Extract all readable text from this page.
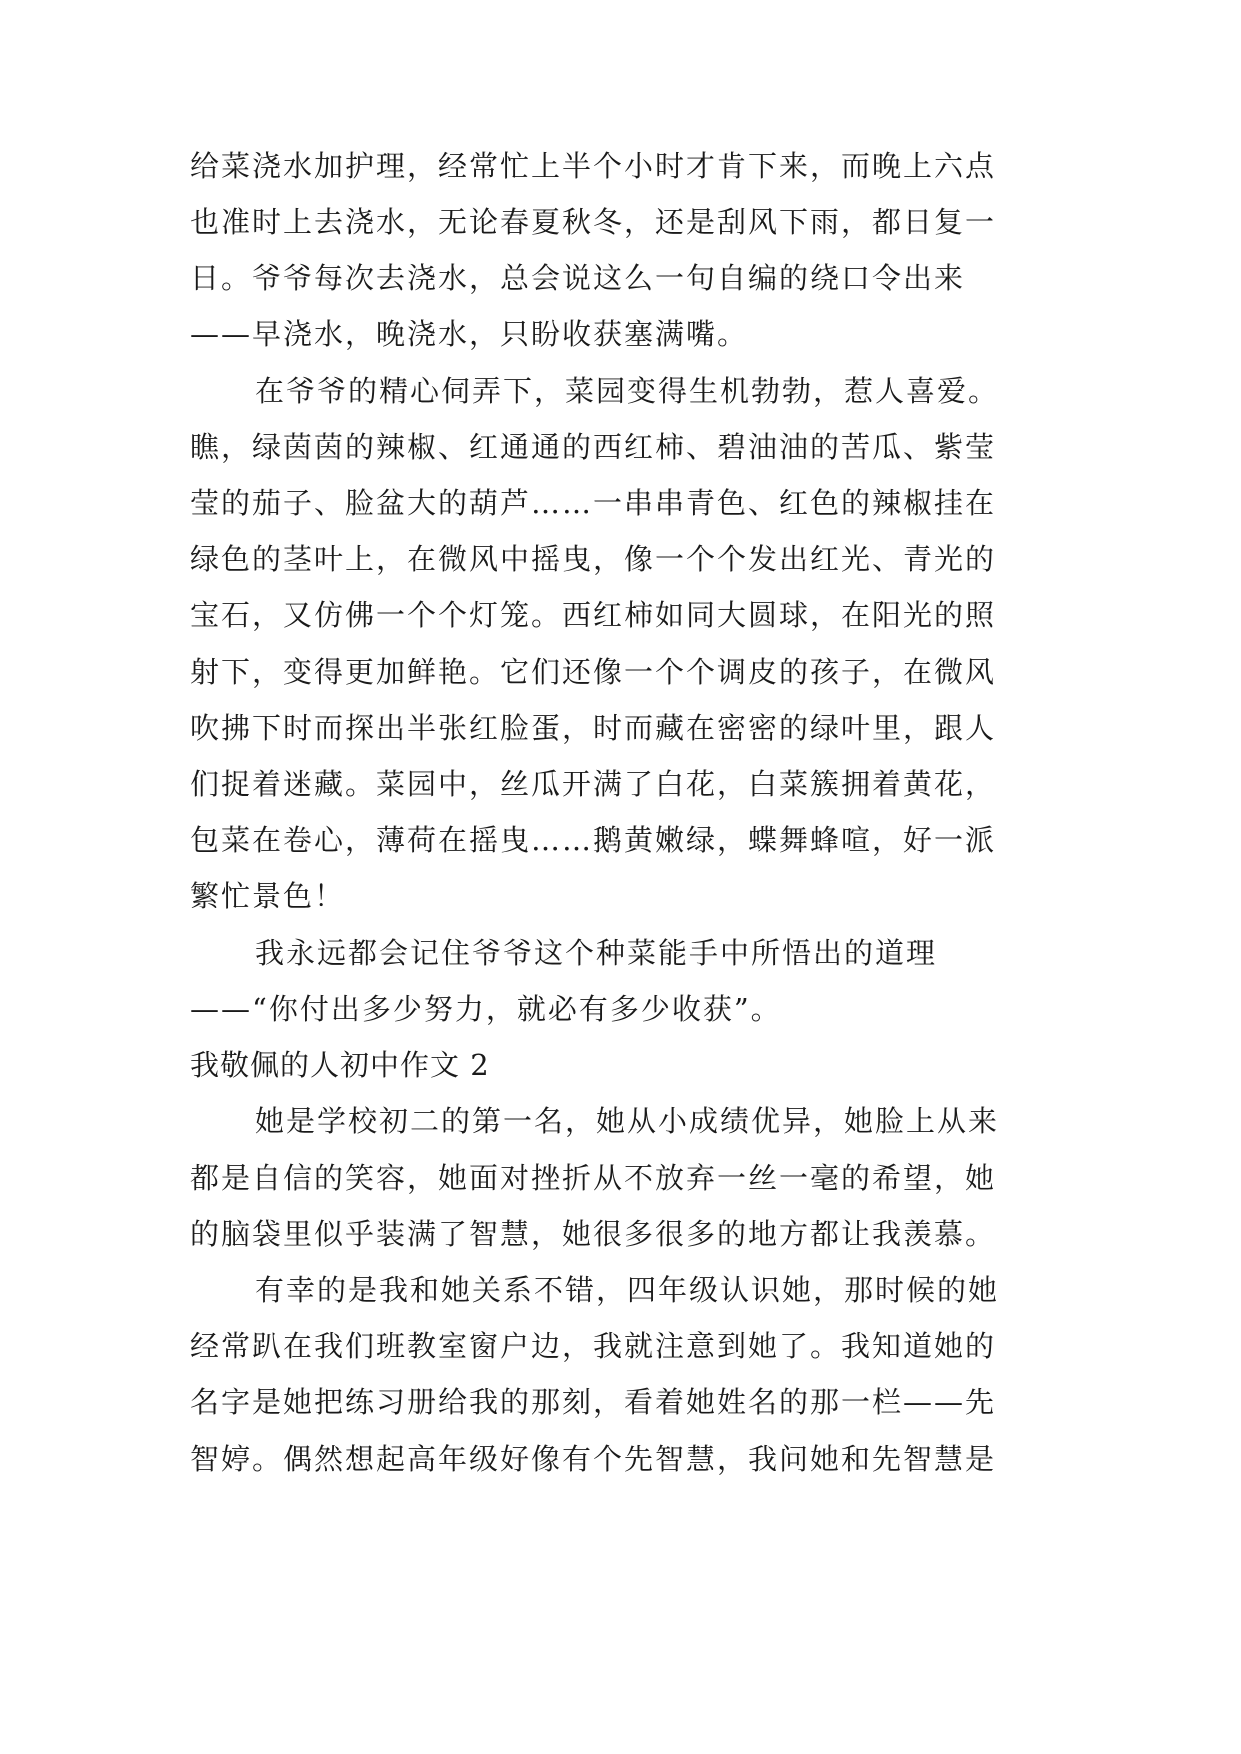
给菜浇水加护理，经常忙上半个小时才肯下来，而晚上六点
也准时上去浇水，无论春夏秋冬，还是刮风下雨，都日复一
日。爷爷每次去浇水，总会说这么一句自编的绕口令出来
——早浇水，晚浇水，只盼收获塞满嘴。
在爷爷的精心伺弄下，菜园变得生机勃勃，惹人喜爱。
瞧，绿茵茵的辣椒、红通通的西红柿、碧油油的苦瓜、紫莹
莹的茄子、脸盆大的葫芦……一串串青色、红色的辣椒挂在
绿色的茎叶上，在微风中摇曳，像一个个发出红光、青光的
宝石，又仿佛一个个灯笼。西红柿如同大圆球，在阳光的照
射下，变得更加鲜艳。它们还像一个个调皮的孩子，在微风
吹拂下时而探出半张红脸蛋，时而藏在密密的绿叶里，跟人
们捉着迷藏。菜园中，丝瓜开满了白花，白菜簇拥着黄花，
包菜在卷心，薄荷在摇曳……鹅黄嫩绿，蝶舞蜂喧，好一派
繁忙景色！
我永远都会记住爷爷这个种菜能手中所悟出的道理
——“你付出多少努力，就必有多少收获”。
我敬佩的人初中作文 2
她是学校初二的第一名，她从小成绩优异，她脸上从来
都是自信的笑容，她面对挫折从不放弃一丝一毫的希望，她
的脑袋里似乎装满了智慧，她很多很多的地方都让我羡慕。
有幸的是我和她关系不错，四年级认识她，那时候的她
经常趴在我们班教室窗户边，我就注意到她了。我知道她的
名字是她把练习册给我的那刻，看着她姓名的那一栏——先
智婷。偶然想起高年级好像有个先智慧，我问她和先智慧是
